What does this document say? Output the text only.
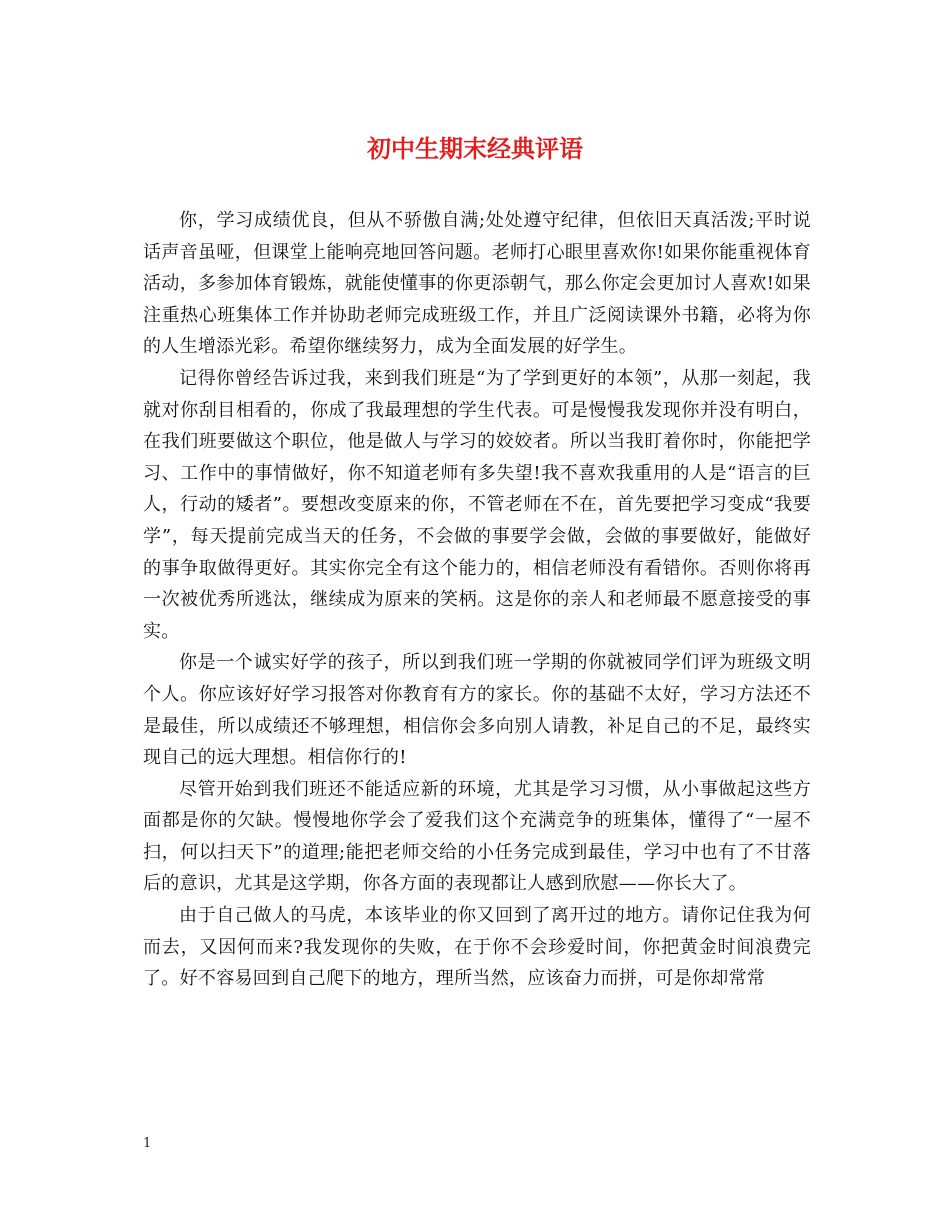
初中生期末经典评语

你，学习成绩优良，但从不骄傲自满;处处遵守纪律，但依旧天真活泼;平时说话声音虽哑，但课堂上能响亮地回答问题。老师打心眼里喜欢你!如果你能重视体育活动，多参加体育锻炼，就能使懂事的你更添朝气，那么你定会更加讨人喜欢!如果注重热心班集体工作并协助老师完成班级工作，并且广泛阅读课外书籍，必将为你的人生增添光彩。希望你继续努力，成为全面发展的好学生。

记得你曾经告诉过我，来到我们班是“为了学到更好的本领”，从那一刻起，我就对你刮目相看的，你成了我最理想的学生代表。可是慢慢我发现你并没有明白，在我们班要做这个职位，他是做人与学习的姣姣者。所以当我盯着你时，你能把学习、工作中的事情做好，你不知道老师有多失望!我不喜欢我重用的人是“语言的巨人，行动的矮者”。要想改变原来的你，不管老师在不在，首先要把学习变成“我要学”，每天提前完成当天的任务，不会做的事要学会做，会做的事要做好，能做好的事争取做得更好。其实你完全有这个能力的，相信老师没有看错你。否则你将再一次被优秀所逃汰，继续成为原来的笑柄。这是你的亲人和老师最不愿意接受的事实。

你是一个诚实好学的孩子，所以到我们班一学期的你就被同学们评为班级文明个人。你应该好好学习报答对你教育有方的家长。你的基础不太好，学习方法还不是最佳，所以成绩还不够理想，相信你会多向别人请教，补足自己的不足，最终实现自己的远大理想。相信你行的!

尽管开始到我们班还不能适应新的环境，尤其是学习习惯，从小事做起这些方面都是你的欠缺。慢慢地你学会了爱我们这个充满竞争的班集体，懂得了“一屋不扫，何以扫天下”的道理;能把老师交给的小任务完成到最佳，学习中也有了不甘落后的意识，尤其是这学期，你各方面的表现都让人感到欣慰——你长大了。

由于自己做人的马虎，本该毕业的你又回到了离开过的地方。请你记住我为何而去，又因何而来?我发现你的失败，在于你不会珍爱时间，你把黄金时间浪费完了。好不容易回到自己爬下的地方，理所当然，应该奋力而拼，可是你却常常

1
